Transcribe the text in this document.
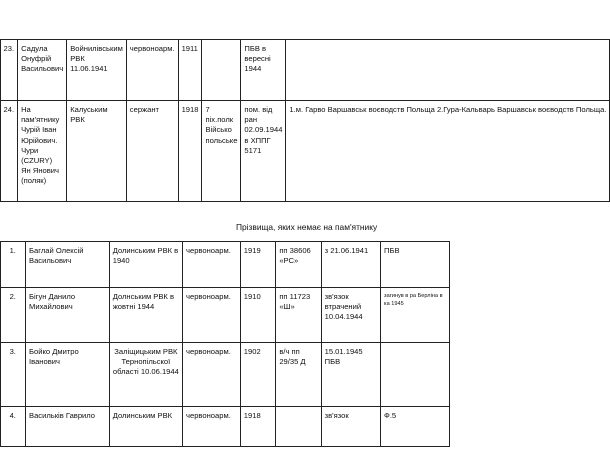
23.	Садула Онуфрій Васильович	Войнилівським РВК 11.06.1941	червоноарм.	1911		ПБВ в вересні 1944	
24.	На пам'ятнику Чурій Іван Юрійович. Чури (CZURY) Ян Янович (поляк)	Калуським РВК	сержант	1918	7 піх.полк Військо польське	пом. від ран 02.09.1944 в ХППГ 5171	1.м. Гарво Варшавськ воєводств Польща 2.Гура-Кальварь Варшавськ воєводств Польща.
Прізвища, яких немає на пам'ятнику
1.	Баглай Олексій Васильович	Долинським РВК в 1940	червоноарм.	1919	пп 38606 «РС»	з 21.06.1941	ПБВ
2.	Бігун Данило Михайлович	Долнським РВК в жовтні 1944	червоноарм.	1910	пп 11723 «Ш»	зв'язок втрачений 10.04.1944	загинув в ра Берліна в ка 1945
3.	Бойко Дмитро Іванович	Заліщицьким РВК Тернопільскої області 10.06.1944	червоноарм.	1902	в/ч пп 29/35 Д	15.01.1945 ПБВ	
4.	Васильків Гаврило	Долинським РВК	червоноарм.	1918		зв'язок	Ф.5
